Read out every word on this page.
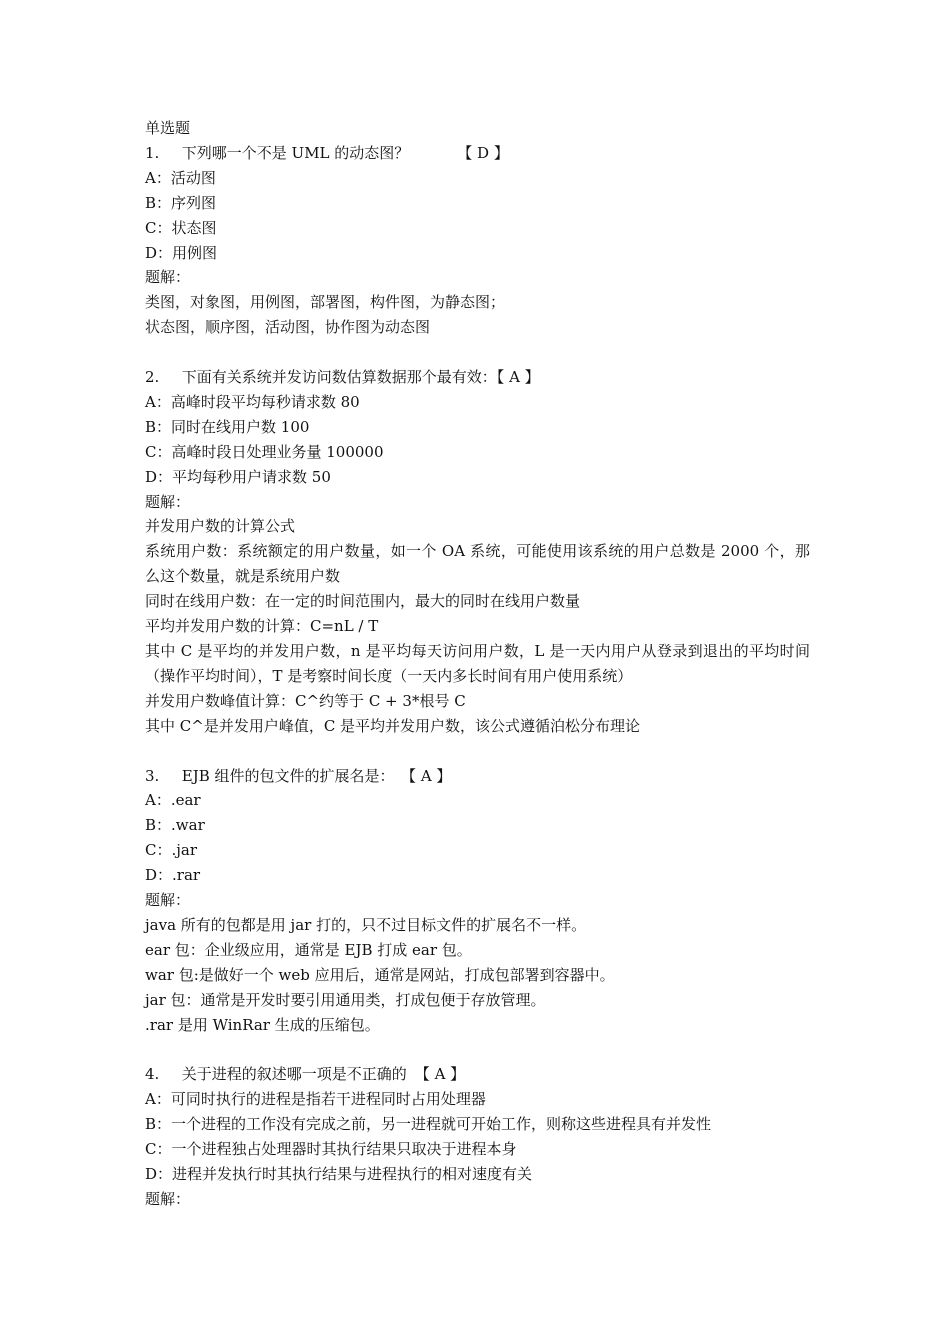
单选题
1. 下列哪一个不是 UML 的动态图？	【 D 】
A：活动图
B：序列图
C：状态图
D：用例图
题解：
类图，对象图，用例图，部署图，构件图，为静态图；
状态图，顺序图，活动图，协作图为动态图
2. 下面有关系统并发访问数估算数据那个最有效：【 A 】
A：高峰时段平均每秒请求数 80
B：同时在线用户数 100
C：高峰时段日处理业务量 100000
D：平均每秒用户请求数 50
题解：
并发用户数的计算公式
系统用户数：系统额定的用户数量，如一个 OA 系统，可能使用该系统的用户总数是 2000 个，那么这个数量，就是系统用户数
同时在线用户数：在一定的时间范围内，最大的同时在线用户数量
平均并发用户数的计算：C=nL / T
其中 C 是平均的并发用户数，n 是平均每天访问用户数，L 是一天内用户从登录到退出的平均时间（操作平均时间），T 是考察时间长度（一天内多长时间有用户使用系统）
并发用户数峰值计算：C^约等于 C + 3*根号 C
其中 C^是并发用户峰值，C 是平均并发用户数，该公式遵循泊松分布理论
3. EJB 组件的包文件的扩展名是： 【 A 】
A：.ear
B：.war
C：.jar
D：.rar
题解：
java 所有的包都是用 jar 打的，只不过目标文件的扩展名不一样。
ear 包：企业级应用，通常是 EJB 打成 ear 包。
war 包:是做好一个 web 应用后，通常是网站，打成包部署到容器中。
jar 包：通常是开发时要引用通用类，打成包便于存放管理。
.rar 是用 WinRar 生成的压缩包。
4. 关于进程的叙述哪一项是不正确的 【 A 】
A：可同时执行的进程是指若干进程同时占用处理器
B：一个进程的工作没有完成之前，另一进程就可开始工作，则称这些进程具有并发性
C：一个进程独占处理器时其执行结果只取决于进程本身
D：进程并发执行时其执行结果与进程执行的相对速度有关
题解：
